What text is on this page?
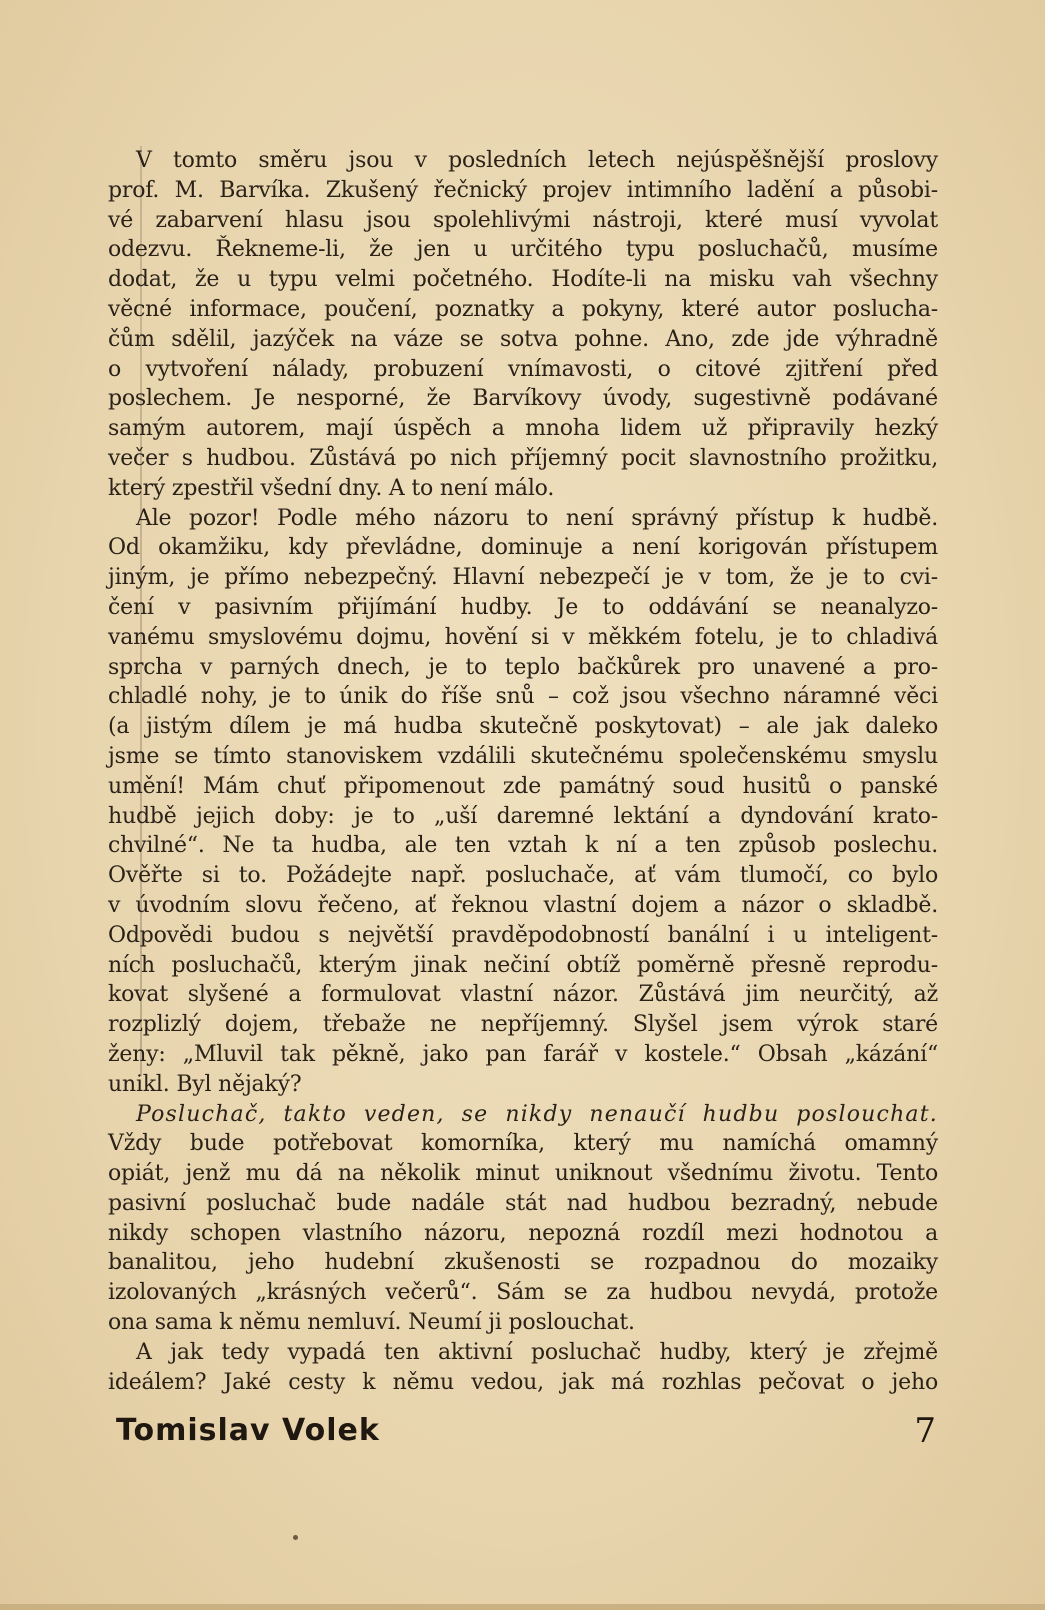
V tomto směru jsou v posledních letech nejúspěšnější proslovy
prof. M. Barvíka. Zkušený řečnický projev intimního ladění a působi-
vé zabarvení hlasu jsou spolehlivými nástroji, které musí vyvolat
odezvu. Řekneme-li, že jen u určitého typu posluchačů, musíme
dodat, že u typu velmi početného. Hodíte-li na misku vah všechny
věcné informace, poučení, poznatky a pokyny, které autor poslucha-
čům sdělil, jazýček na váze se sotva pohne. Ano, zde jde výhradně
o vytvoření nálady, probuzení vnímavosti, o citové zjitření před
poslechem. Je nesporné, že Barvíkovy úvody, sugestivně podávané
samým autorem, mají úspěch a mnoha lidem už připravily hezký
večer s hudbou. Zůstává po nich příjemný pocit slavnostního prožitku,
který zpestřil všední dny. A to není málo.
Ale pozor! Podle mého názoru to není správný přístup k hudbě.
Od okamžiku, kdy převládne, dominuje a není korigován přístupem
jiným, je přímo nebezpečný. Hlavní nebezpečí je v tom, že je to cvi-
čení v pasivním přijímání hudby. Je to oddávání se neanalyzo-
vanému smyslovému dojmu, hovění si v měkkém fotelu, je to chladivá
sprcha v parných dnech, je to teplo bačkůrek pro unavené a pro-
chladlé nohy, je to únik do říše snů – což jsou všechno náramné věci
(a jistým dílem je má hudba skutečně poskytovat) – ale jak daleko
jsme se tímto stanoviskem vzdálili skutečnému společenskému smyslu
umění! Mám chuť připomenout zde památný soud husitů o panské
hudbě jejich doby: je to „uší daremné lektání a dyndování krato-
chvilné“. Ne ta hudba, ale ten vztah k ní a ten způsob poslechu.
Ověřte si to. Požádejte např. posluchače, ať vám tlumočí, co bylo
v úvodním slovu řečeno, ať řeknou vlastní dojem a názor o skladbě.
Odpovědi budou s největší pravděpodobností banální i u inteligent-
ních posluchačů, kterým jinak nečiní obtíž poměrně přesně reprodu-
kovat slyšené a formulovat vlastní názor. Zůstává jim neurčitý, až
rozplizlý dojem, třebaže ne nepříjemný. Slyšel jsem výrok staré
ženy: „Mluvil tak pěkně, jako pan farář v kostele.“ Obsah „kázání“
unikl. Byl nějaký?
Posluchač, takto veden, se nikdy nenaučí hudbu poslouchat.
Vždy bude potřebovat komorníka, který mu namíchá omamný
opiát, jenž mu dá na několik minut uniknout všednímu životu. Tento
pasivní posluchač bude nadále stát nad hudbou bezradný, nebude
nikdy schopen vlastního názoru, nepozná rozdíl mezi hodnotou a
banalitou, jeho hudební zkušenosti se rozpadnou do mozaiky
izolovaných „krásných večerů“. Sám se za hudbou nevydá, protože
ona sama k němu nemluví. Neumí ji poslouchat.
A jak tedy vypadá ten aktivní posluchač hudby, který je zřejmě
ideálem? Jaké cesty k němu vedou, jak má rozhlas pečovat o jeho
Tomislav Volek	7
